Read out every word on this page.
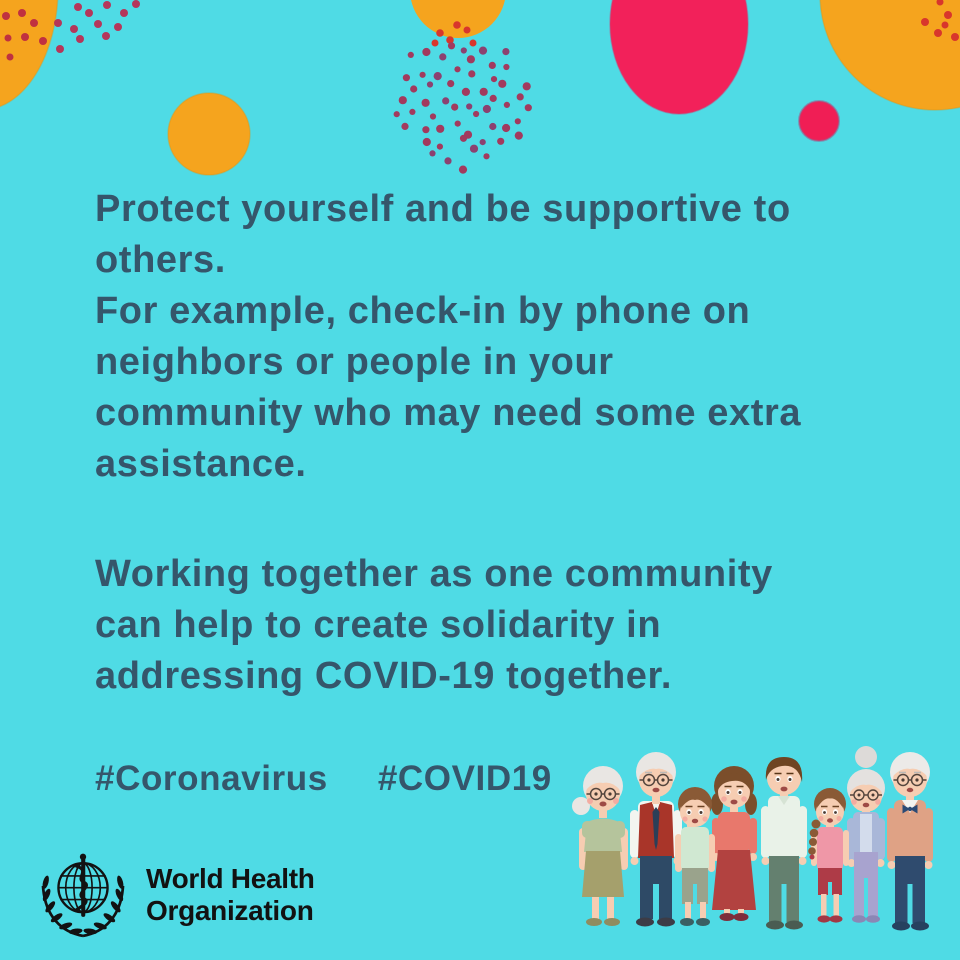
Protect yourself and be supportive to
others.
For example, check-in by phone on
neighbors or people in your
community who may need some extra
assistance.
Working together as one community
can help to create solidarity in
addressing COVID-19 together.
#Coronavirus #COVID19
World Health
Organization
